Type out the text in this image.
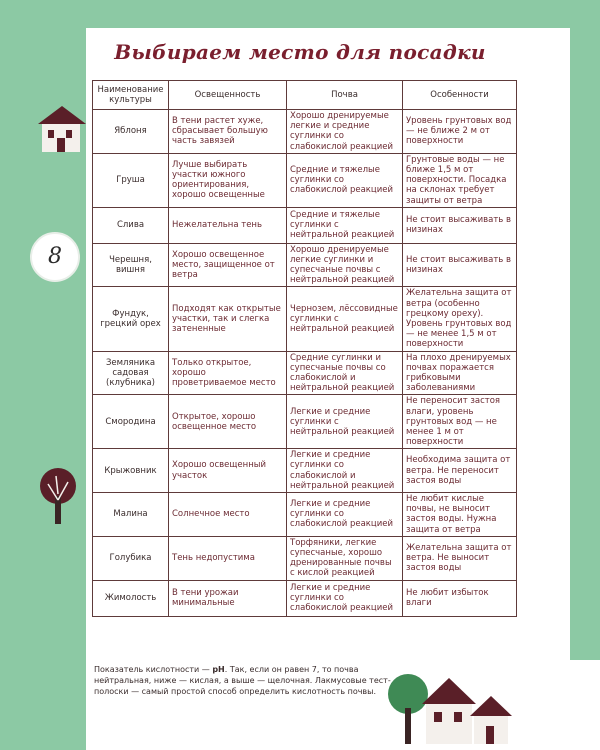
8
Выбираем место для посадки
Наименование культуры	Освещенность	Почва	Особенности
Яблоня	В тени растет хуже, сбрасывает большую часть завязей	Хорошо дренируемые легкие и средние суглинки со слабокислой реакцией	Уровень грунтовых вод — не ближе 2 м от поверхности
Груша	Лучше выбирать участки южного ориентирования, хорошо освещенные	Средние и тяжелые суглинки со слабокислой реакцией	Грунтовые воды — не ближе 1,5 м от поверхности. Посадка на склонах требует защиты от ветра
Слива	Нежелательна тень	Средние и тяжелые суглинки с нейтральной реакцией	Не стоит высаживать в низинах
Черешня, вишня	Хорошо освещенное место, защищенное от ветра	Хорошо дренируемые легкие суглинки и супесчаные почвы с нейтральной реакцией	Не стоит высаживать в низинах
Фундук, грецкий орех	Подходят как открытые участки, так и слегка затененные	Чернозем, лёссовидные суглинки с нейтральной реакцией	Желательна защита от ветра (особенно грецкому ореху). Уровень грунтовых вод — не менее 1,5 м от поверхности
Земляника садовая (клубника)	Только открытое, хорошо проветриваемое место	Средние суглинки и супесчаные почвы со слабокислой и нейтральной реакцией	На плохо дренируемых почвах поражается грибковыми заболеваниями
Смородина	Открытое, хорошо освещенное место	Легкие и средние суглинки с нейтральной реакцией	Не переносит застоя влаги, уровень грунтовых вод — не менее 1 м от поверхности
Крыжовник	Хорошо освещенный участок	Легкие и средние суглинки со слабокислой и нейтральной реакцией	Необходима защита от ветра. Не переносит застоя воды
Малина	Солнечное место	Легкие и средние суглинки со слабокислой реакцией	Не любит кислые почвы, не выносит застоя воды. Нужна защита от ветра
Голубика	Тень недопустима	Торфяники, легкие супесчаные, хорошо дренированные почвы с кислой реакцией	Желательна защита от ветра. Не выносит застоя воды
Жимолость	В тени урожаи минимальные	Легкие и средние суглинки со слабокислой реакцией	Не любит избыток влаги

Показатель кислотности — pH. Так, если он равен 7, то почва нейтральная, ниже — кислая, а выше — щелочная. Лакмусовые тест-полоски — самый простой способ определить кислотность почвы.
